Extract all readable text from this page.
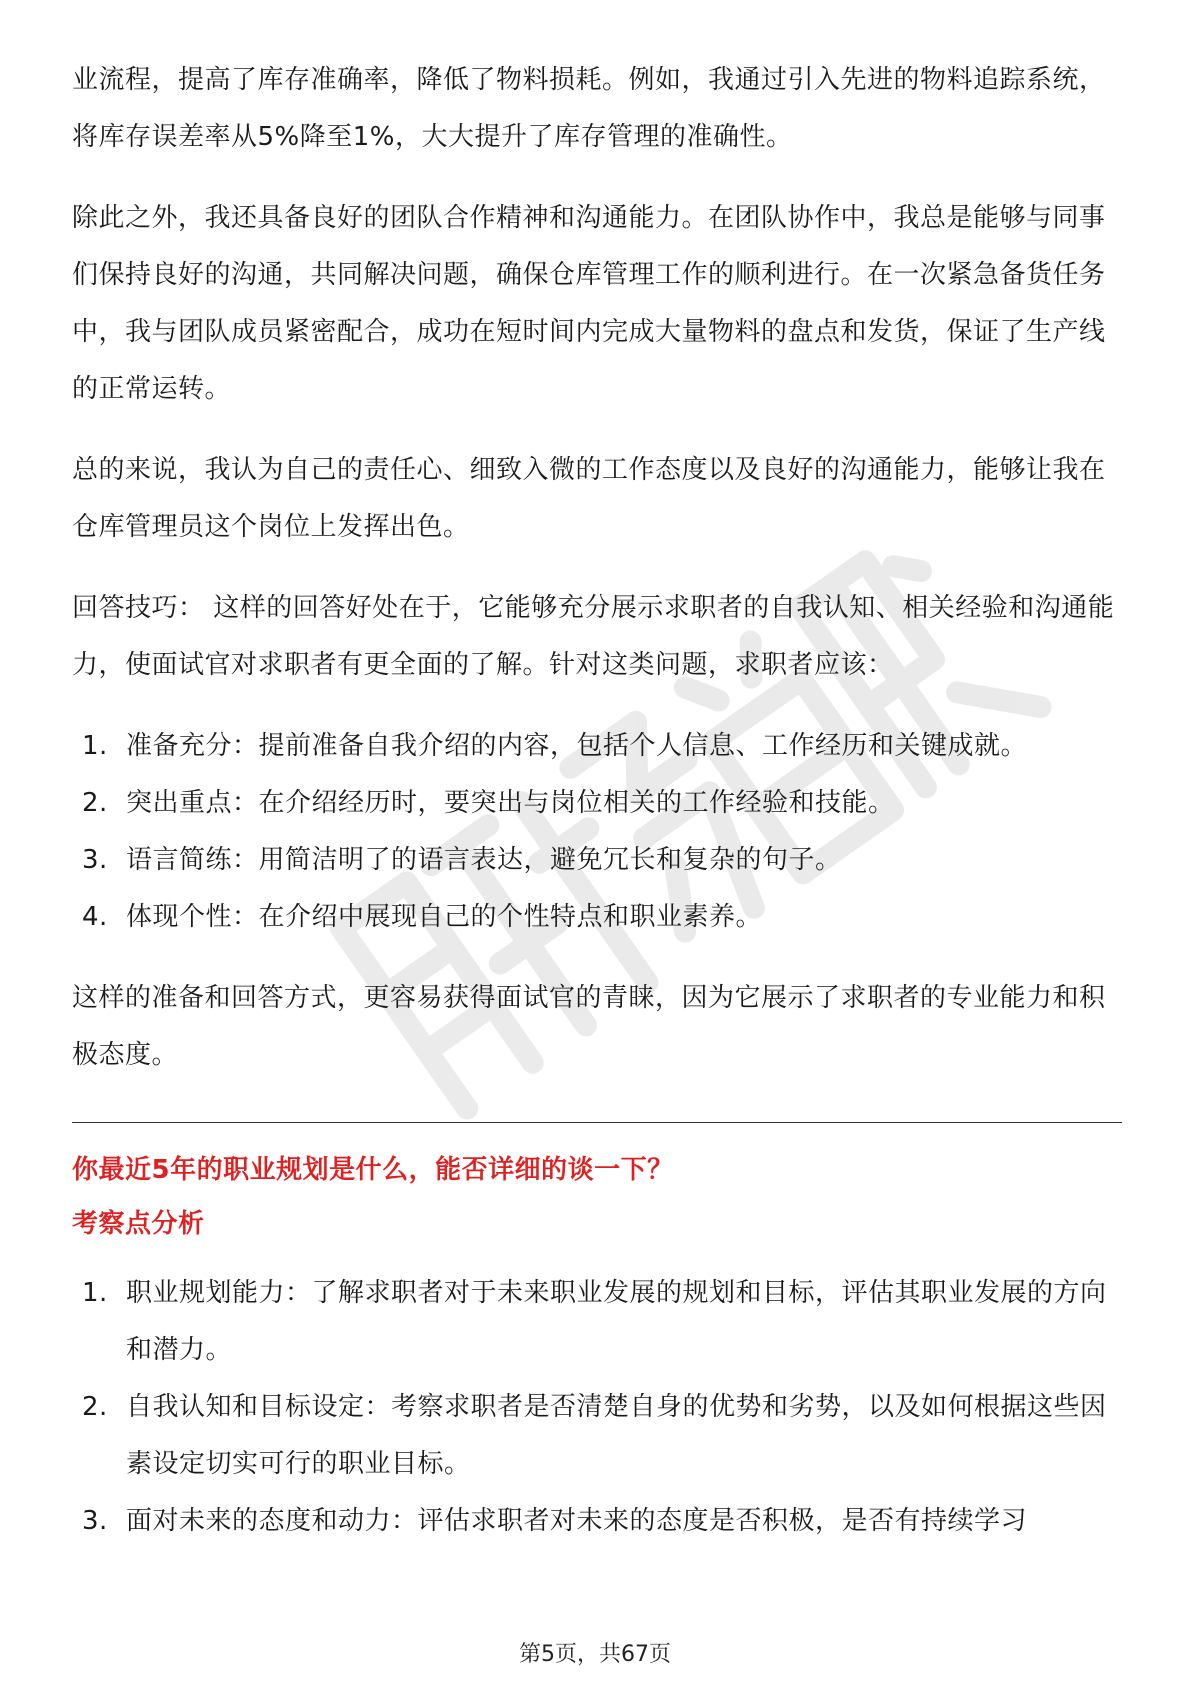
业流程，提高了库存准确率，降低了物料损耗。例如，我通过引入先进的物料追踪系统，将库存误差率从5%降至1%，大大提升了库存管理的准确性。

除此之外，我还具备良好的团队合作精神和沟通能力。在团队协作中，我总是能够与同事们保持良好的沟通，共同解决问题，确保仓库管理工作的顺利进行。在一次紧急备货任务中，我与团队成员紧密配合，成功在短时间内完成大量物料的盘点和发货，保证了生产线的正常运转。

总的来说，我认为自己的责任心、细致入微的工作态度以及良好的沟通能力，能够让我在仓库管理员这个岗位上发挥出色。

回答技巧： 这样的回答好处在于，它能够充分展示求职者的自我认知、相关经验和沟通能力，使面试官对求职者有更全面的了解。针对这类问题，求职者应该：

1. 准备充分：提前准备自我介绍的内容，包括个人信息、工作经历和关键成就。
2. 突出重点：在介绍经历时，要突出与岗位相关的工作经验和技能。
3. 语言简练：用简洁明了的语言表达，避免冗长和复杂的句子。
4. 体现个性：在介绍中展现自己的个性特点和职业素养。

这样的准备和回答方式，更容易获得面试官的青睐，因为它展示了求职者的专业能力和积极态度。

你最近5年的职业规划是什么，能否详细的谈一下？

考察点分析

1. 职业规划能力：了解求职者对于未来职业发展的规划和目标，评估其职业发展的方向和潜力。
2. 自我认知和目标设定：考察求职者是否清楚自身的优势和劣势，以及如何根据这些因素设定切实可行的职业目标。
3. 面对未来的态度和动力：评估求职者对未来的态度是否积极，是否有持续学习
第5页，共67页
